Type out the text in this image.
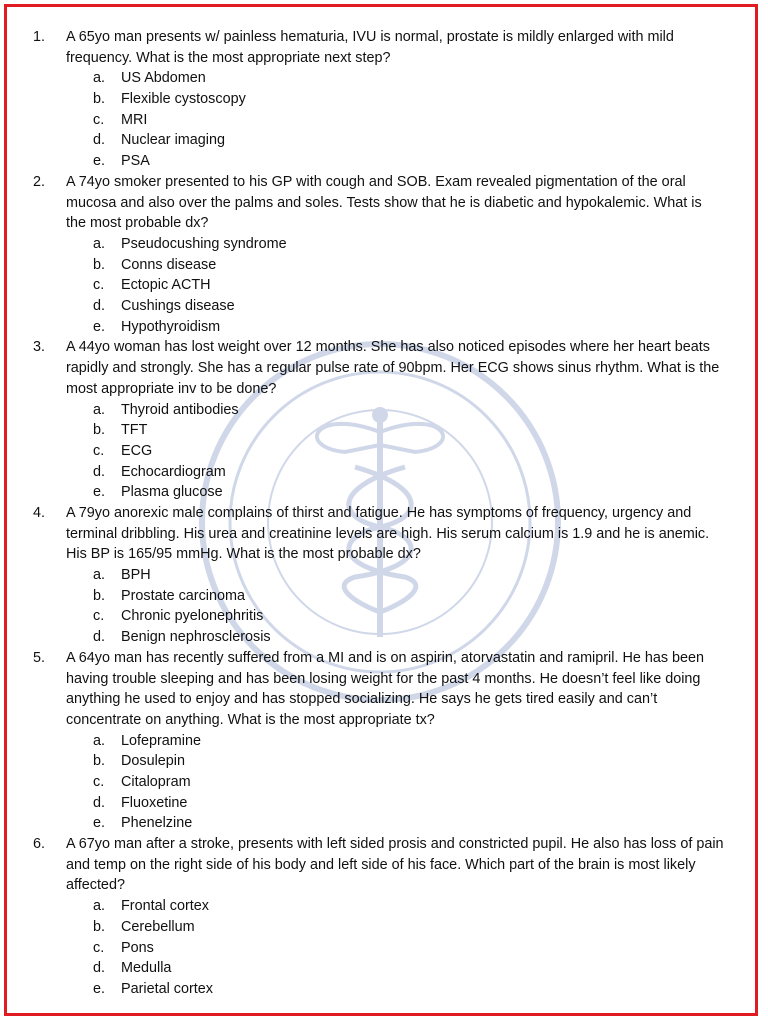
1. A 65yo man presents w/ painless hematuria, IVU is normal, prostate is mildly enlarged with mild frequency. What is the most appropriate next step?
a. US Abdomen
b. Flexible cystoscopy
c. MRI
d. Nuclear imaging
e. PSA
2. A 74yo smoker presented to his GP with cough and SOB. Exam revealed pigmentation of the oral mucosa and also over the palms and soles. Tests show that he is diabetic and hypokalemic. What is the most probable dx?
a. Pseudocushing syndrome
b. Conns disease
c. Ectopic ACTH
d. Cushings disease
e. Hypothyroidism
3. A 44yo woman has lost weight over 12 months. She has also noticed episodes where her heart beats rapidly and strongly. She has a regular pulse rate of 90bpm. Her ECG shows sinus rhythm. What is the most appropriate inv to be done?
a. Thyroid antibodies
b. TFT
c. ECG
d. Echocardiogram
e. Plasma glucose
4. A 79yo anorexic male complains of thirst and fatigue. He has symptoms of frequency, urgency and terminal dribbling. His urea and creatinine levels are high. His serum calcium is 1.9 and he is anemic. His BP is 165/95 mmHg. What is the most probable dx?
a. BPH
b. Prostate carcinoma
c. Chronic pyelonephritis
d. Benign nephrosclerosis
5. A 64yo man has recently suffered from a MI and is on aspirin, atorvastatin and ramipril. He has been having trouble sleeping and has been losing weight for the past 4 months. He doesn’t feel like doing anything he used to enjoy and has stopped socializing. He says he gets tired easily and can’t concentrate on anything. What is the most appropriate tx?
a. Lofepramine
b. Dosulepin
c. Citalopram
d. Fluoxetine
e. Phenelzine
6. A 67yo man after a stroke, presents with left sided prosis and constricted pupil. He also has loss of pain and temp on the right side of his body and left side of his face. Which part of the brain is most likely affected?
a. Frontal cortex
b. Cerebellum
c. Pons
d. Medulla
e. Parietal cortex
